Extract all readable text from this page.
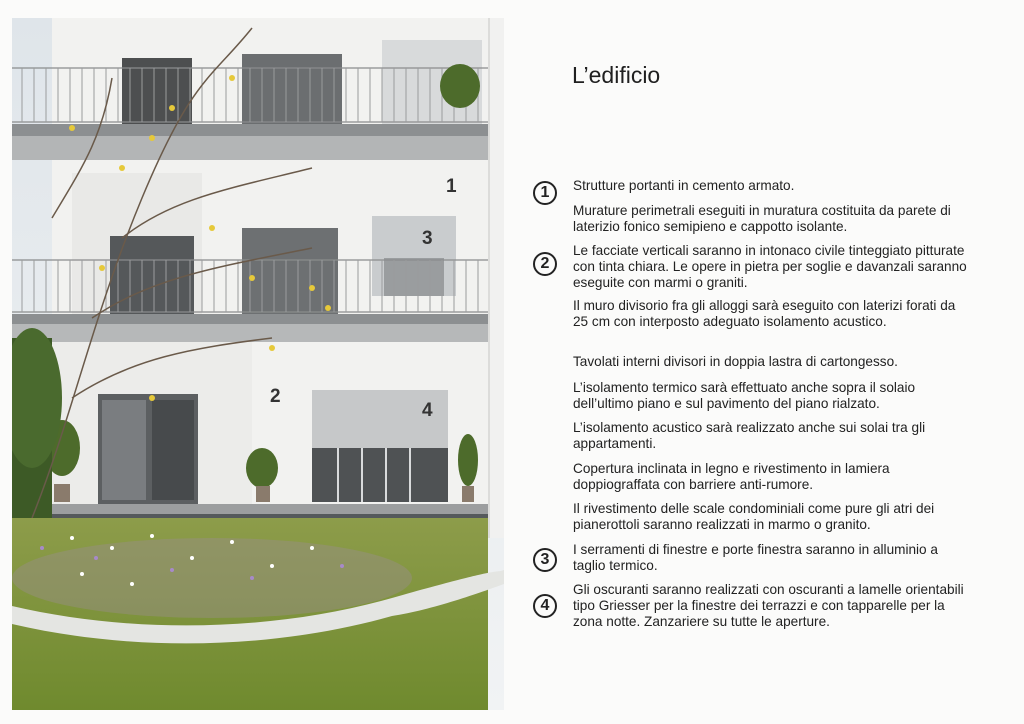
1
2
3
4
L’edificio
1
2
3
4
Strutture portanti in cemento armato.
Murature perimetrali eseguiti in muratura costituita da parete di laterizio fonico semipieno e cappotto isolante.
Le facciate verticali saranno in intonaco civile tinteggiato pitturate con tinta chiara. Le opere in pietra per soglie e davanzali saranno eseguite con marmi o graniti.
Il muro divisorio fra gli alloggi sarà eseguito con laterizi forati da 25 cm con interposto adeguato isolamento acustico.
Tavolati interni divisori in doppia lastra di cartongesso.
L’isolamento termico sarà effettuato anche sopra il solaio dell’ultimo piano e sul pavimento del piano rialzato.
L’isolamento acustico sarà realizzato anche sui solai tra gli appartamenti.
Copertura inclinata in legno e rivestimento in lamiera doppiograffata con barriere anti-rumore.
Il rivestimento delle scale condominiali come pure gli atri dei pianerottoli saranno realizzati in marmo o granito.
I serramenti di finestre e porte finestra saranno in alluminio a taglio termico.
Gli oscuranti saranno realizzati con oscuranti a lamelle orientabili tipo Griesser per la finestre dei terrazzi e con tapparelle per la zona notte. Zanzariere su tutte le aperture.
